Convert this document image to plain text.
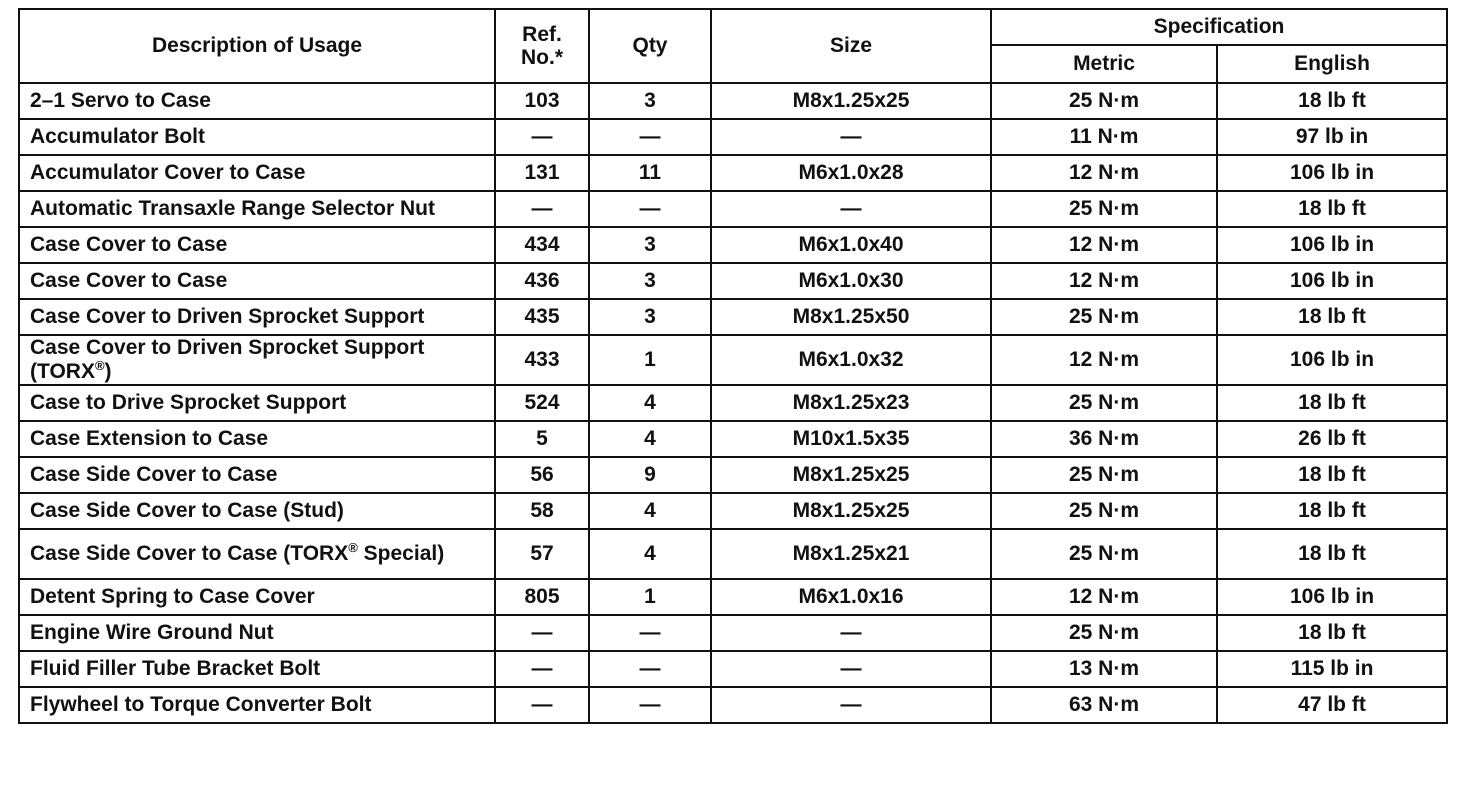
Description of Usage	Ref. No.*	Qty	Size	Specification	
				Metric	English
2–1 Servo to Case	103	3	M8x1.25x25	25 N·m	18 lb ft
Accumulator Bolt	—	—	—	11 N·m	97 lb in
Accumulator Cover to Case	131	11	M6x1.0x28	12 N·m	106 lb in
Automatic Transaxle Range Selector Nut	—	—	—	25 N·m	18 lb ft
Case Cover to Case	434	3	M6x1.0x40	12 N·m	106 lb in
Case Cover to Case	436	3	M6x1.0x30	12 N·m	106 lb in
Case Cover to Driven Sprocket Support	435	3	M8x1.25x50	25 N·m	18 lb ft
Case Cover to Driven Sprocket Support (TORX®)	433	1	M6x1.0x32	12 N·m	106 lb in
Case to Drive Sprocket Support	524	4	M8x1.25x23	25 N·m	18 lb ft
Case Extension to Case	5	4	M10x1.5x35	36 N·m	26 lb ft
Case Side Cover to Case	56	9	M8x1.25x25	25 N·m	18 lb ft
Case Side Cover to Case (Stud)	58	4	M8x1.25x25	25 N·m	18 lb ft
Case Side Cover to Case (TORX® Special)	57	4	M8x1.25x21	25 N·m	18 lb ft
Detent Spring to Case Cover	805	1	M6x1.0x16	12 N·m	106 lb in
Engine Wire Ground Nut	—	—	—	25 N·m	18 lb ft
Fluid Filler Tube Bracket Bolt	—	—	—	13 N·m	115 lb in
Flywheel to Torque Converter Bolt	—	—	—	63 N·m	47 lb ft
